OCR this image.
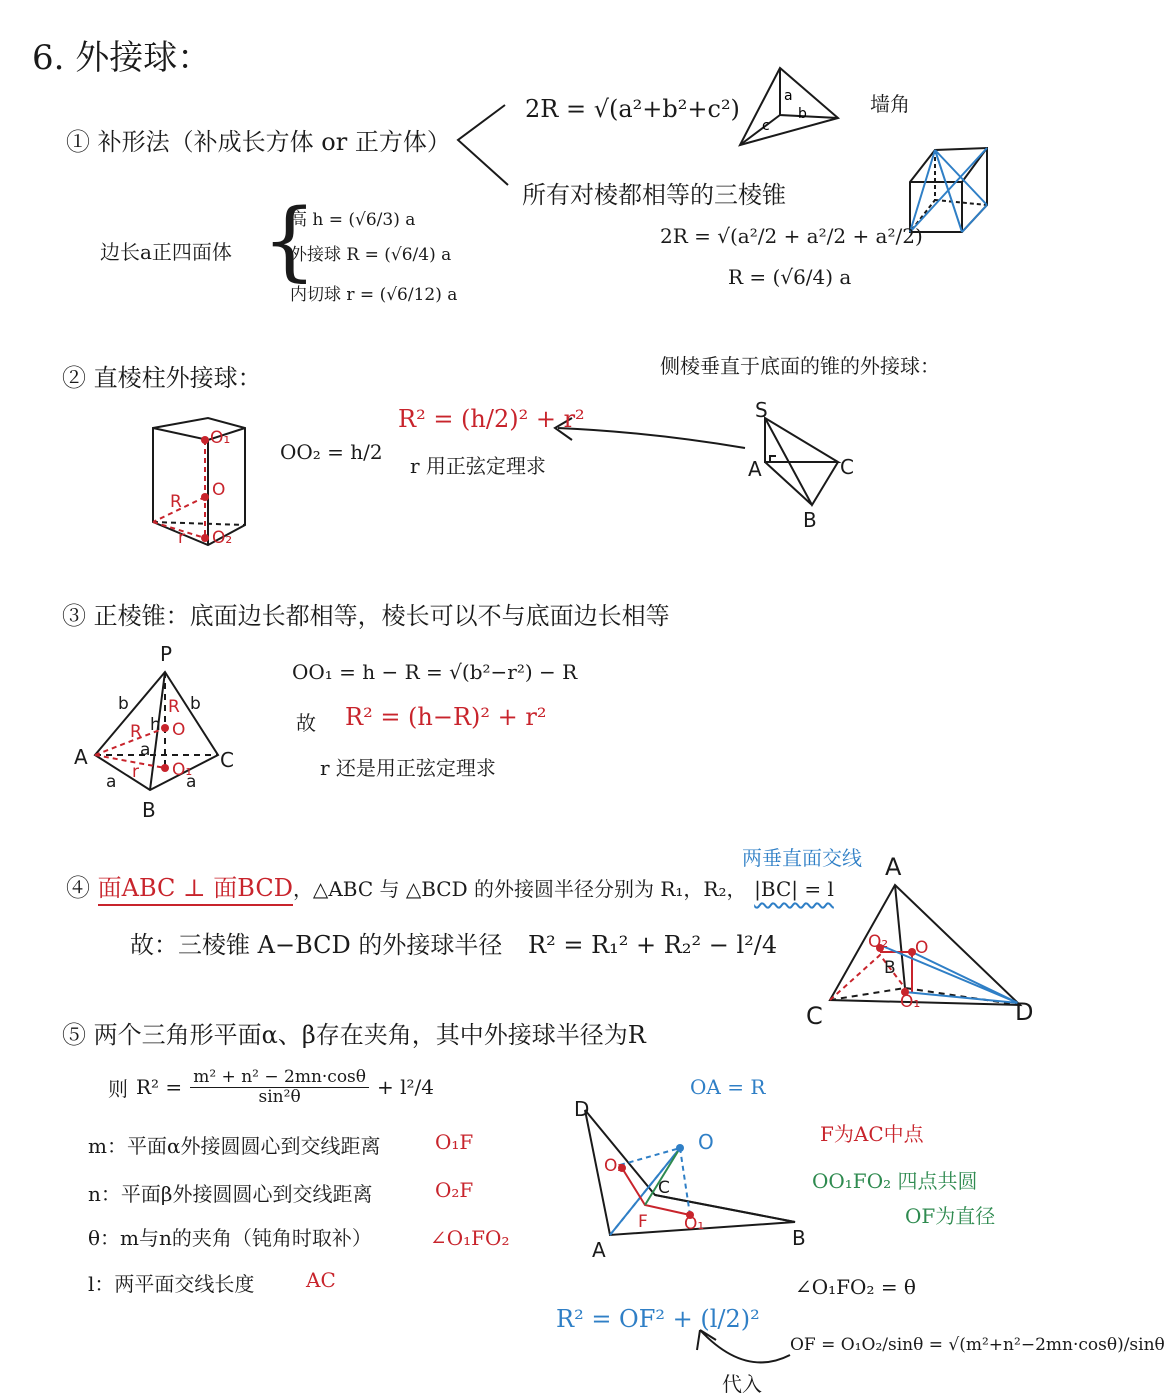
a
b
c
6. 外接球：
① 补形法（补成长方体 or 正方体）
2R = √(a²+b²+c²)	墙角
所有对棱都相等的三棱锥
2R = √(a²/2 + a²/2 + a²/2)
R = (√6/4) a
边长a正四面体 {
高 h = (√6/3) a
外接球 R = (√6/4) a
内切球 r = (√6/12) a
② 直棱柱外接球：	侧棱垂直于底面的锥的外接球：
OO₂ = h/2
R² = (h/2)² + r²
r 用正弦定理求
O₁
O
R
r O₂
S
A	C
B
③ 正棱锥：底面边长都相等，棱长可以不与底面边长相等
OO₁ = h − R = √(b²−r²) − R
故 R² = (h−R)² + r²
r 还是用正弦定理求
P
A	C
B
b	b
a	a
a
R
R
r
O
O₁
h
两垂直面交线
④ 面ABC ⊥ 面BCD，△ABC 与 △BCD 的外接圆半径分别为 R₁，R₂， |BC| = l
故：三棱锥 A−BCD 的外接球半径 R² = R₁² + R₂² − l²/4
A
C	D
O₂ O
O₁
B
⑤ 两个三角形平面α、β存在夹角，其中外接球半径为R
则 $R^2 = \frac{\text{m² + n² − 2mn·cosθ}}{\text{sin²θ}} + l^2/4$
m：平面α外接圆圆心到交线距离	O₁F
n：平面β外接圆圆心到交线距离	O₂F
θ：m与n的夹角（钝角时取补）	∠O₁FO₂
l：两平面交线长度	AC
OA = R
F为AC中点
OO₁FO₂ 四点共圆
OF为直径
∠O₁FO₂ = θ
R² = OF² + (l/2)²
代入
OF = O₁O₂/sinθ = √(m²+n²−2mn·cosθ)/sinθ
D
O
O₂
C
F O₁
A	B
